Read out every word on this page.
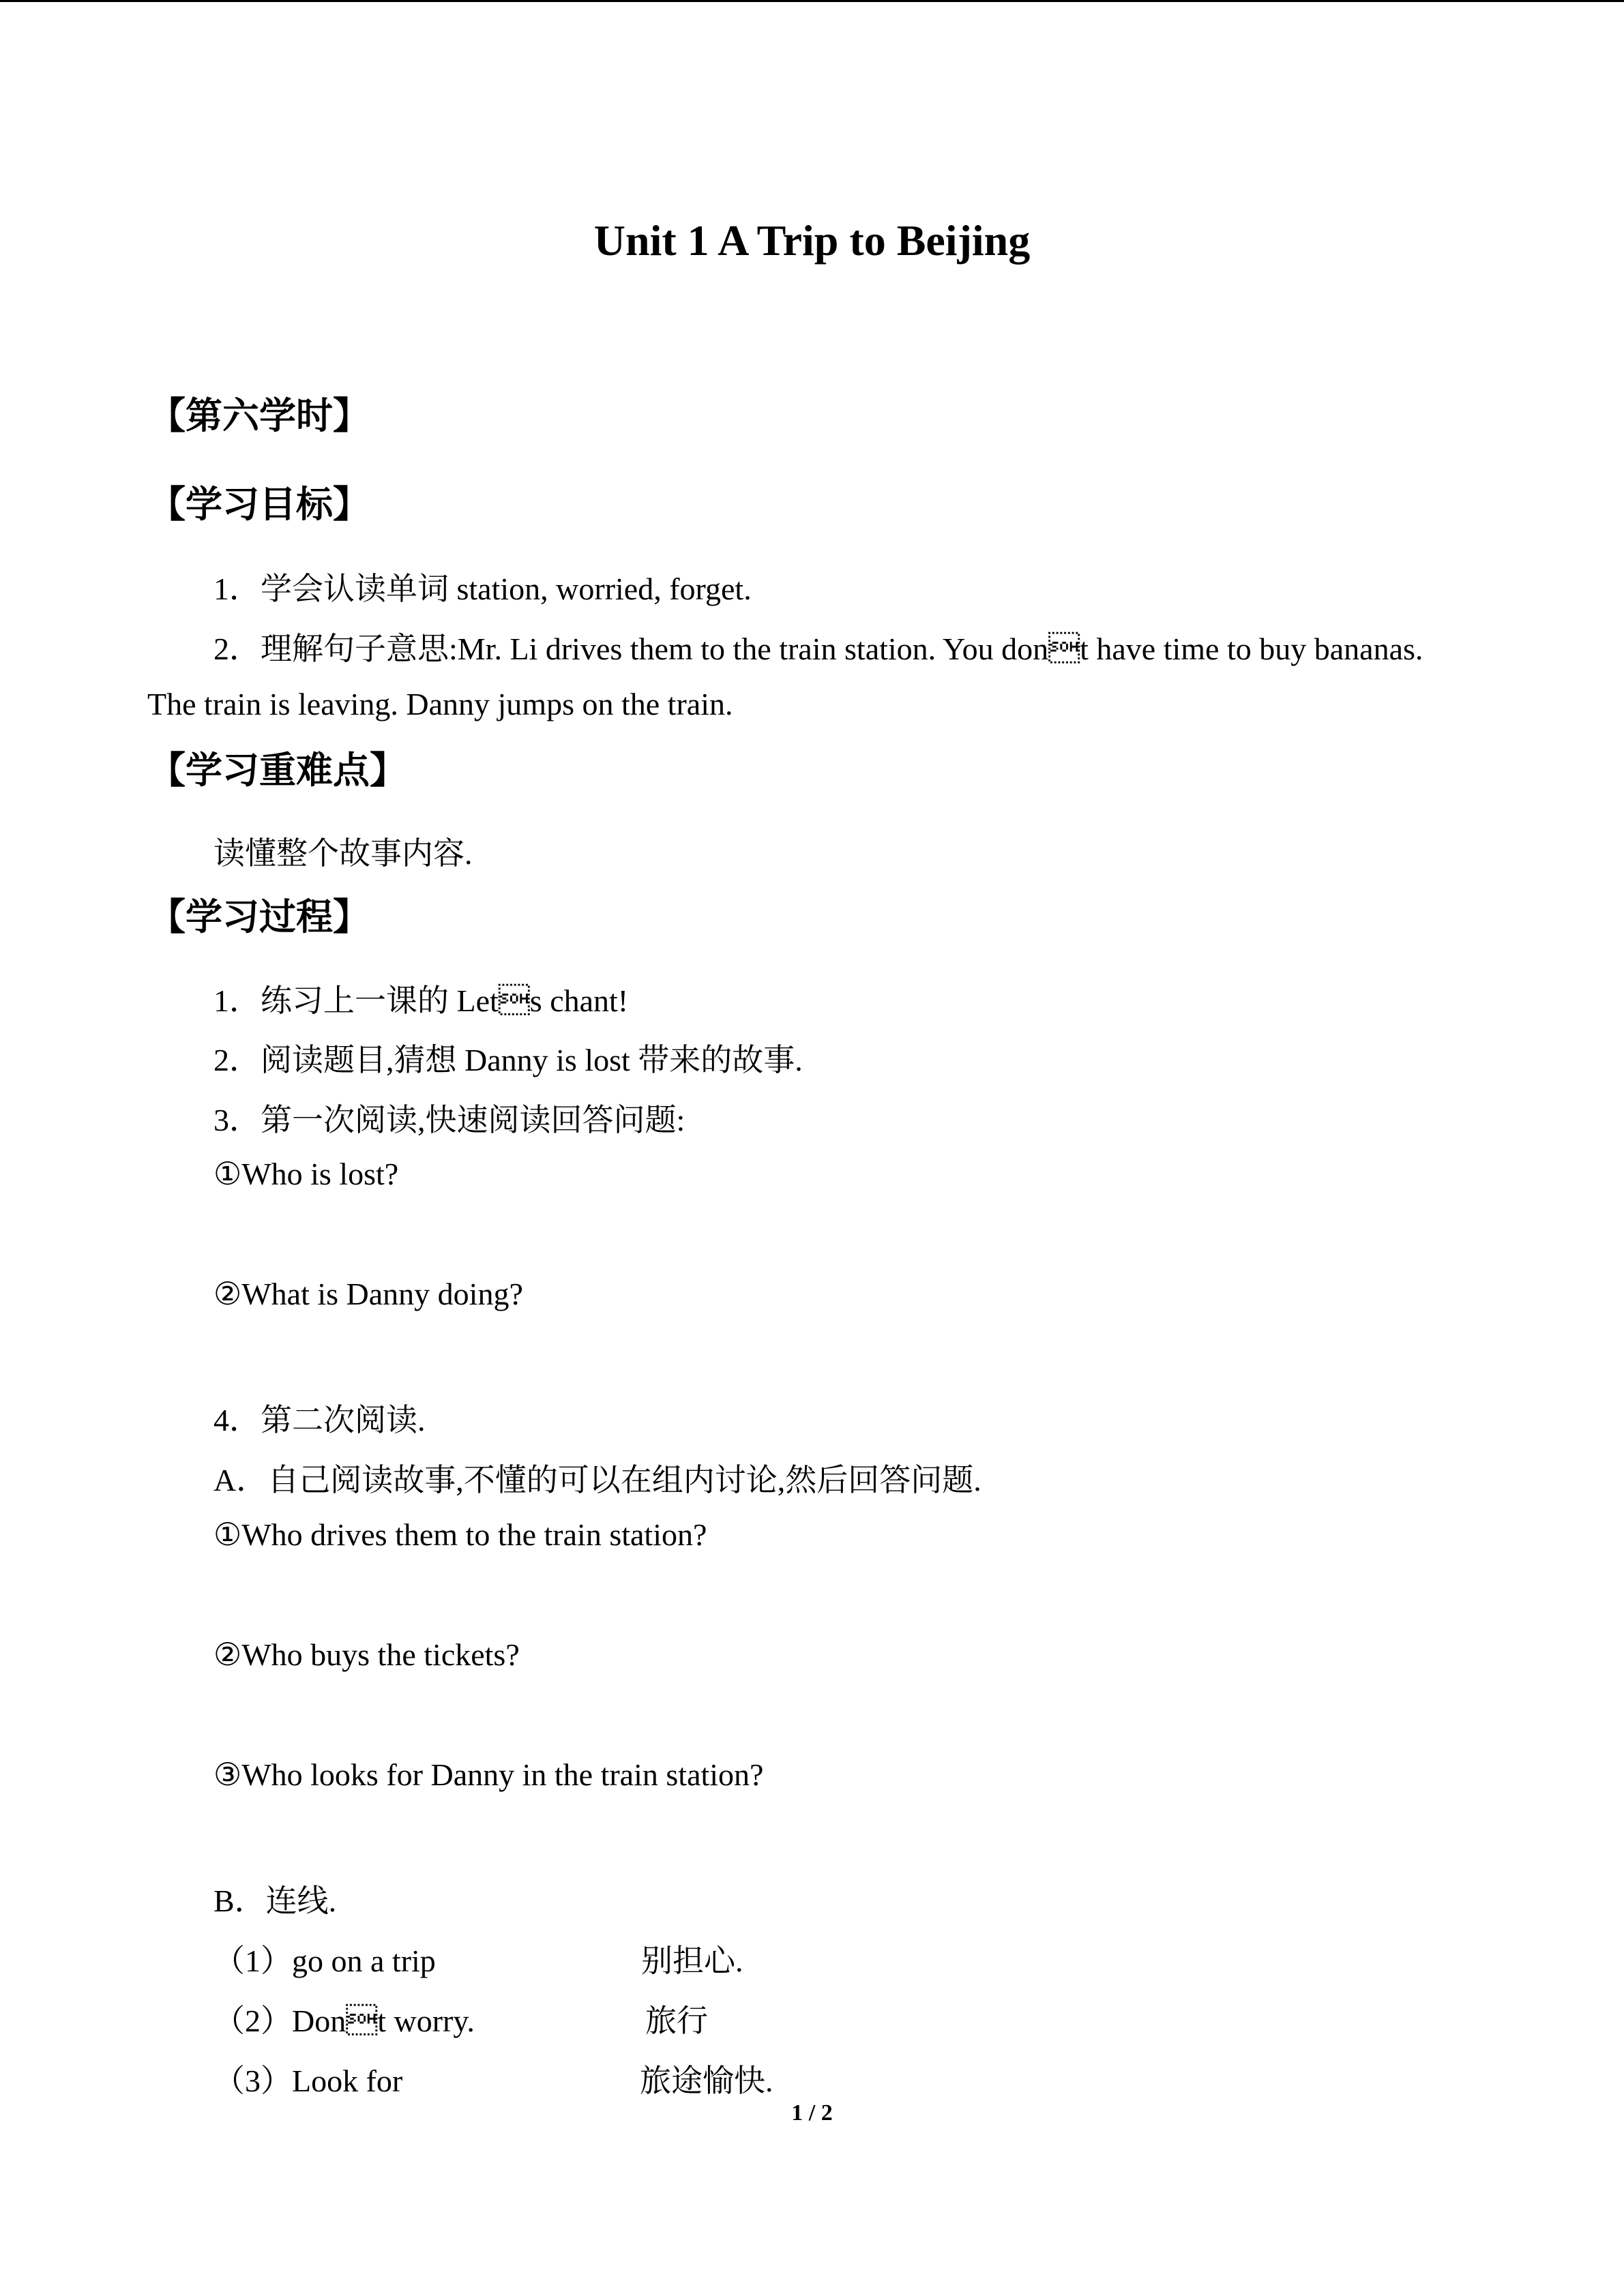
Unit 1 A Trip to Beijing
【第六学时】
【学习目标】
1．学会认读单词 station, worried, forget.
2．理解句子意思:Mr. Li drives them to the train station. You dont have time to buy bananas.
The train is leaving. Danny jumps on the train.
【学习重难点】
读懂整个故事内容.
【学习过程】
1．练习上一课的 Lets chant!
2．阅读题目,猜想 Danny is lost 带来的故事.
3．第一次阅读,快速阅读回答问题:
①Who is lost?
②What is Danny doing?
4．第二次阅读.
A．自己阅读故事,不懂的可以在组内讨论,然后回答问题.
①Who drives them to the train station?
②Who buys the tickets?
③Who looks for Danny in the train station?
B．连线.
（1）go on a trip	别担心.
（2）Dont worry.	旅行
（3）Look for	旅途愉快.
1 / 2
